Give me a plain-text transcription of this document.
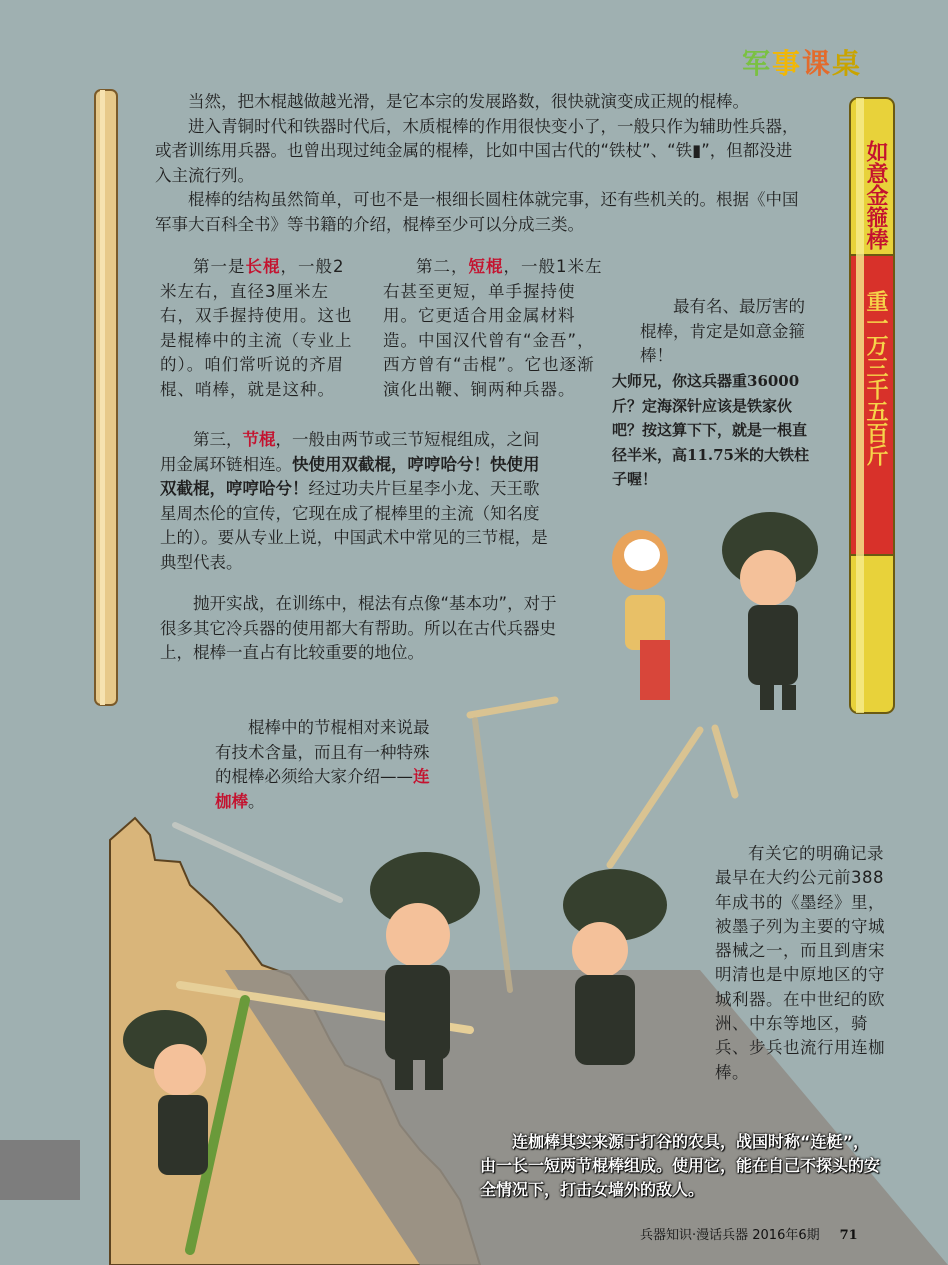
如意金箍棒
重一万三千五百斤
军事课桌

当然，把木棍越做越光滑，是它本宗的发展路数，很快就演变成正规的棍棒。

进入青铜时代和铁器时代后，木质棍棒的作用很快变小了，一般只作为辅助性兵器，或者训练用兵器。也曾出现过纯金属的棍棒，比如中国古代的“铁杖”、“铁▮”，但都没进入主流行列。

棍棒的结构虽然简单，可也不是一根细长圆柱体就完事，还有些机关的。根据《中国军事大百科全书》等书籍的介绍，棍棒至少可以分成三类。

第一是长棍，一般2米左右，直径3厘米左右，双手握持使用。这也是棍棒中的主流（专业上的）。咱们常听说的齐眉棍、哨棒，就是这种。

第二，短棍，一般1米左右甚至更短，单手握持使用。它更适合用金属材料造。中国汉代曾有“金吾”，西方曾有“击棍”。它也逐渐演化出鞭、锏两种兵器。

最有名、最厉害的棍棒，肯定是如意金箍棒！

大师兄，你这兵器重36000斤？定海深针应该是铁家伙吧？按这算下下，就是一根直径半米，高11.75米的大铁柱子喔！

第三，节棍，一般由两节或三节短棍组成，之间用金属环链相连。快使用双截棍，哼哼哈兮！快使用双截棍，哼哼哈兮！经过功夫片巨星李小龙、天王歌星周杰伦的宣传，它现在成了棍棒里的主流（知名度上的）。要从专业上说，中国武术中常见的三节棍，是典型代表。

抛开实战，在训练中，棍法有点像“基本功”，对于很多其它冷兵器的使用都大有帮助。所以在古代兵器史上，棍棒一直占有比较重要的地位。

棍棒中的节棍相对来说最有技术含量，而且有一种特殊的棍棒必须给大家介绍——连枷棒。

有关它的明确记录最早在大约公元前388年成书的《墨经》里，被墨子列为主要的守城器械之一，而且到唐宋明清也是中原地区的守城利器。在中世纪的欧洲、中东等地区，骑兵、步兵也流行用连枷棒。

连枷棒其实来源于打谷的农具，战国时称“连梃”，由一长一短两节棍棒组成。使用它，能在自己不探头的安全情况下，打击女墙外的敌人。

兵器知识·漫话兵器 2016年6期 71
